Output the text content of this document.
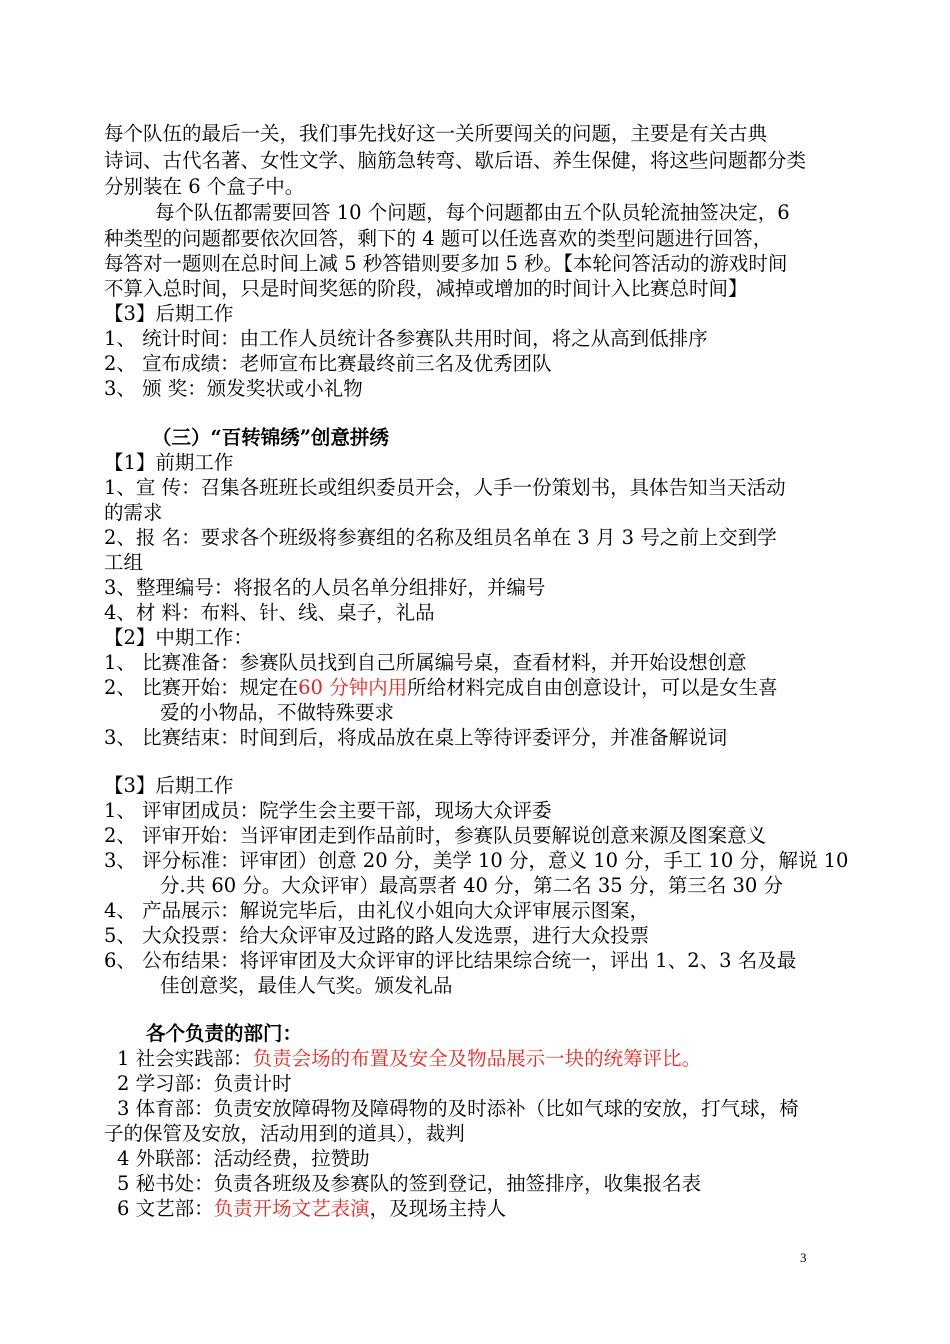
每个队伍的最后一关，我们事先找好这一关所要闯关的问题，主要是有关古典
诗词、古代名著、女性文学、脑筋急转弯、歇后语、养生保健，将这些问题都分类
分别装在 6 个盒子中。
每个队伍都需要回答 10 个问题，每个问题都由五个队员轮流抽签决定，6
种类型的问题都要依次回答，剩下的 4 题可以任选喜欢的类型问题进行回答，
每答对一题则在总时间上减 5 秒答错则要多加 5 秒。【本轮问答活动的游戏时间
不算入总时间，只是时间奖惩的阶段，减掉或增加的时间计入比赛总时间】
【3】后期工作
1、 统计时间：由工作人员统计各参赛队共用时间，将之从高到低排序
2、 宣布成绩：老师宣布比赛最终前三名及优秀团队
3、 颁 奖：颁发奖状或小礼物
（三）“百转锦绣”创意拼绣
【1】前期工作
1、宣 传：召集各班班长或组织委员开会，人手一份策划书，具体告知当天活动
的需求
2、报 名：要求各个班级将参赛组的名称及组员名单在 3 月 3 号之前上交到学
工组
3、整理编号：将报名的人员名单分组排好，并编号
4、材 料：布料、针、线、桌子，礼品
【2】中期工作：
1、 比赛准备：参赛队员找到自己所属编号桌，查看材料，并开始设想创意
2、 比赛开始：规定在60 分钟内用所给材料完成自由创意设计，可以是女生喜
爱的小物品，不做特殊要求
3、 比赛结束：时间到后，将成品放在桌上等待评委评分，并准备解说词
【3】后期工作
1、 评审团成员：院学生会主要干部，现场大众评委
2、 评审开始：当评审团走到作品前时，参赛队员要解说创意来源及图案意义
3、 评分标准：评审团）创意 20 分，美学 10 分，意义 10 分，手工 10 分，解说 10
分.共 60 分。大众评审）最高票者 40 分，第二名 35 分，第三名 30 分
4、 产品展示：解说完毕后，由礼仪小姐向大众评审展示图案，
5、 大众投票：给大众评审及过路的路人发选票，进行大众投票
6、 公布结果：将评审团及大众评审的评比结果综合统一，评出 1、2、3 名及最
佳创意奖，最佳人气奖。颁发礼品
各个负责的部门：
1 社会实践部：负责会场的布置及安全及物品展示一块的统筹评比。
2 学习部：负责计时
3 体育部：负责安放障碍物及障碍物的及时添补（比如气球的安放，打气球，椅
子的保管及安放，活动用到的道具），裁判
4 外联部：活动经费，拉赞助
5 秘书处：负责各班级及参赛队的签到登记，抽签排序，收集报名表
6 文艺部：负责开场文艺表演，及现场主持人
3
